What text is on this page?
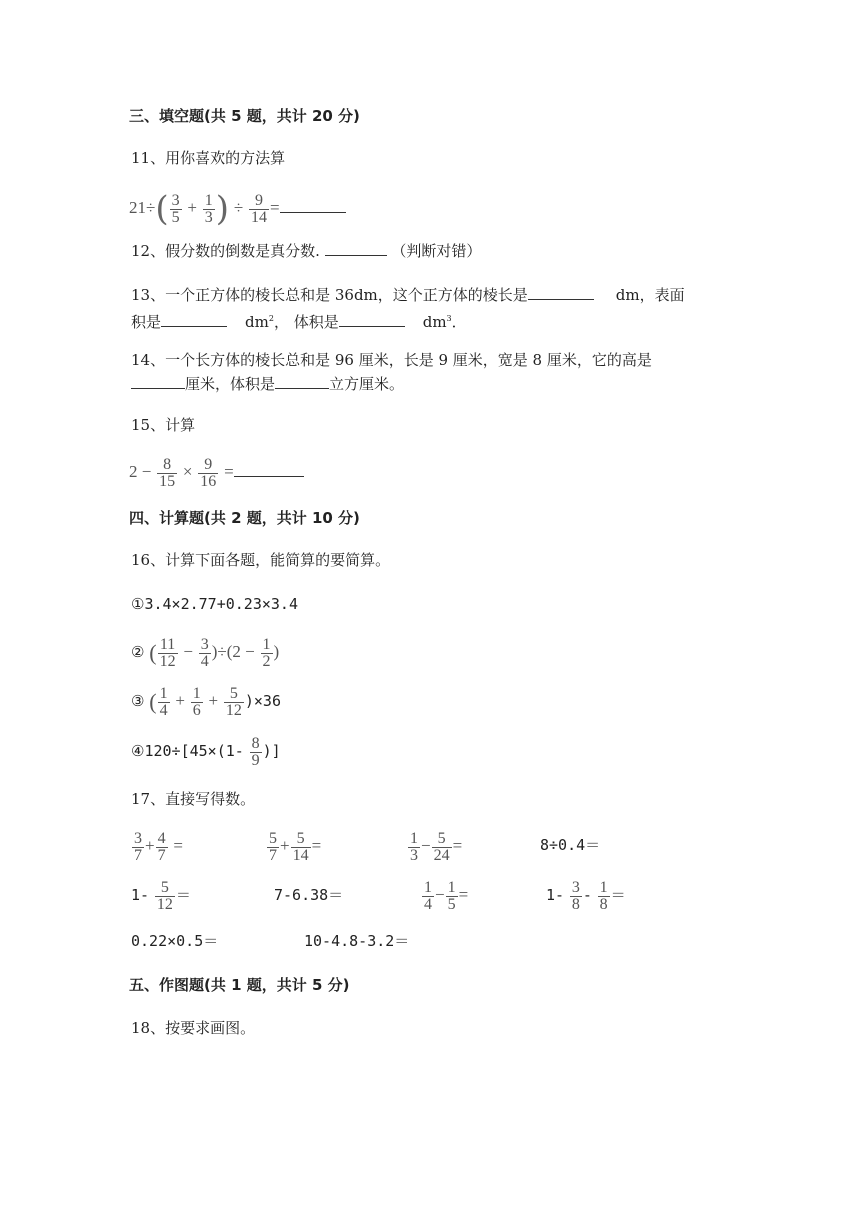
三、填空题(共 5 题，共计 20 分)
11、用你喜欢的方法算
$21\div( \frac{3}{5} + \frac{1}{3}$ ) ÷ $\frac{9}{14}$ =
12、假分数的倒数是真分数.	（判断对错）
13、一个正方体的棱长总和是 36dm，这个正方体的棱长是	dm，表面
积是	$dm^2$， 体积是	$dm^3$．
14、一个长方体的棱长总和是 96 厘米，长是 9 厘米，宽是 8 厘米，它的高是
厘米，体积是	立方厘米。
15、计算
$2 - \frac{8}{15} \times \frac{9}{16}$ =
四、计算题(共 2 题，共计 10 分)
16、计算下面各题，能简算的要简算。
①3.4×2.77+0.23×3.4
② ( $\frac{11}{12} - \frac{3}{4} )\div(2 - \frac{1}{2}$ )
③ ( $\frac{1}{4} + \frac{1}{6} + \frac{5}{12} )\times 36$
④120÷[45×(1- $\frac{8}{9}$ )]
17、直接写得数。
$\frac{3}{7} + \frac{4}{7}$ =	$\frac{5}{7} + \frac{5}{14}$ =	$\frac{1}{3} - \frac{5}{24}$ =	8÷0.4＝
$1- \frac{5}{12}$ ＝	7-6.38＝	$\frac{1}{4} - \frac{1}{5}$ =	$1- \frac{3}{8} - \frac{1}{8}$ ＝
0.22×0.5＝	10-4.8-3.2＝
五、作图题(共 1 题，共计 5 分)
18、按要求画图。
